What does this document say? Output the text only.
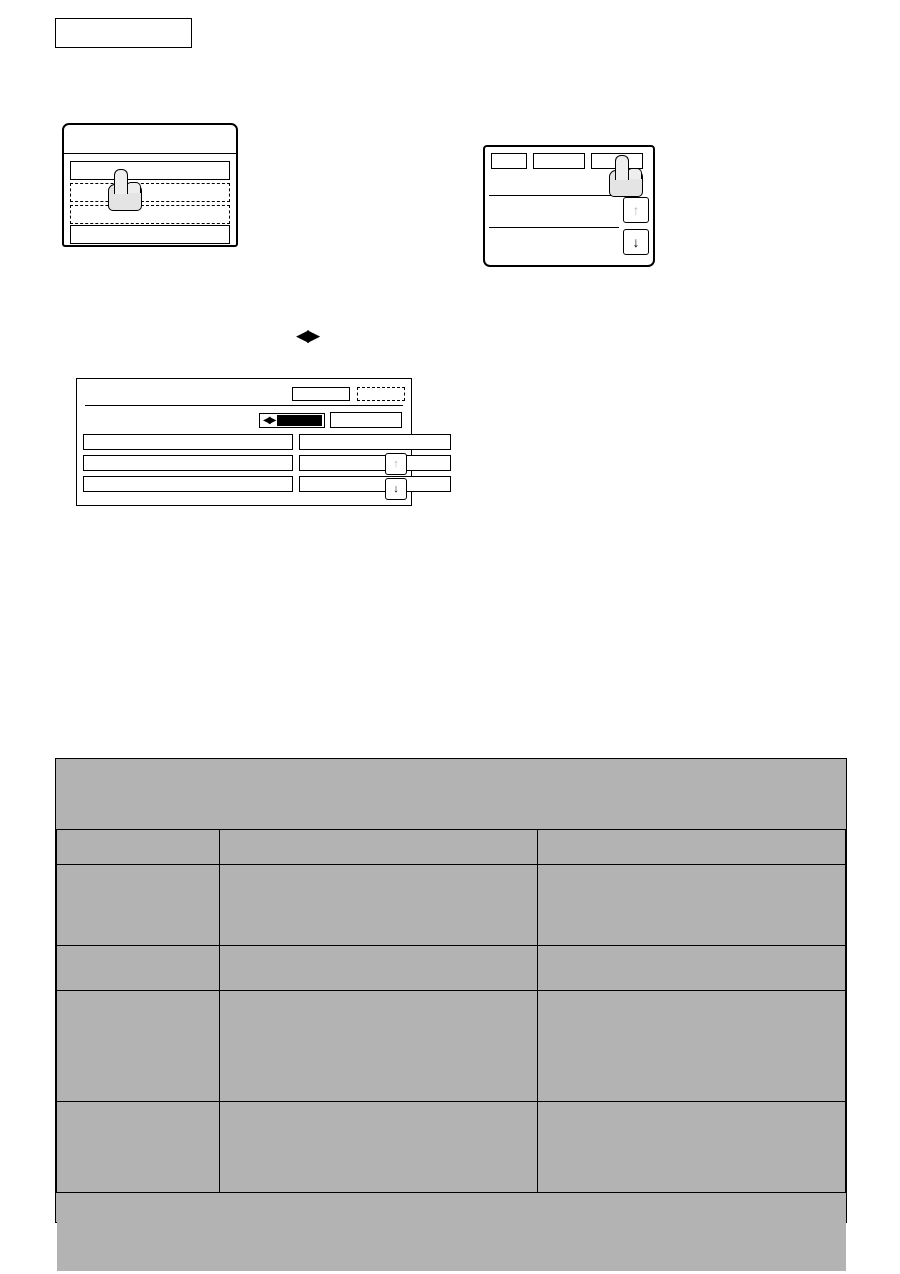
↑
↓
◀▶
◀▶
↑
↓
